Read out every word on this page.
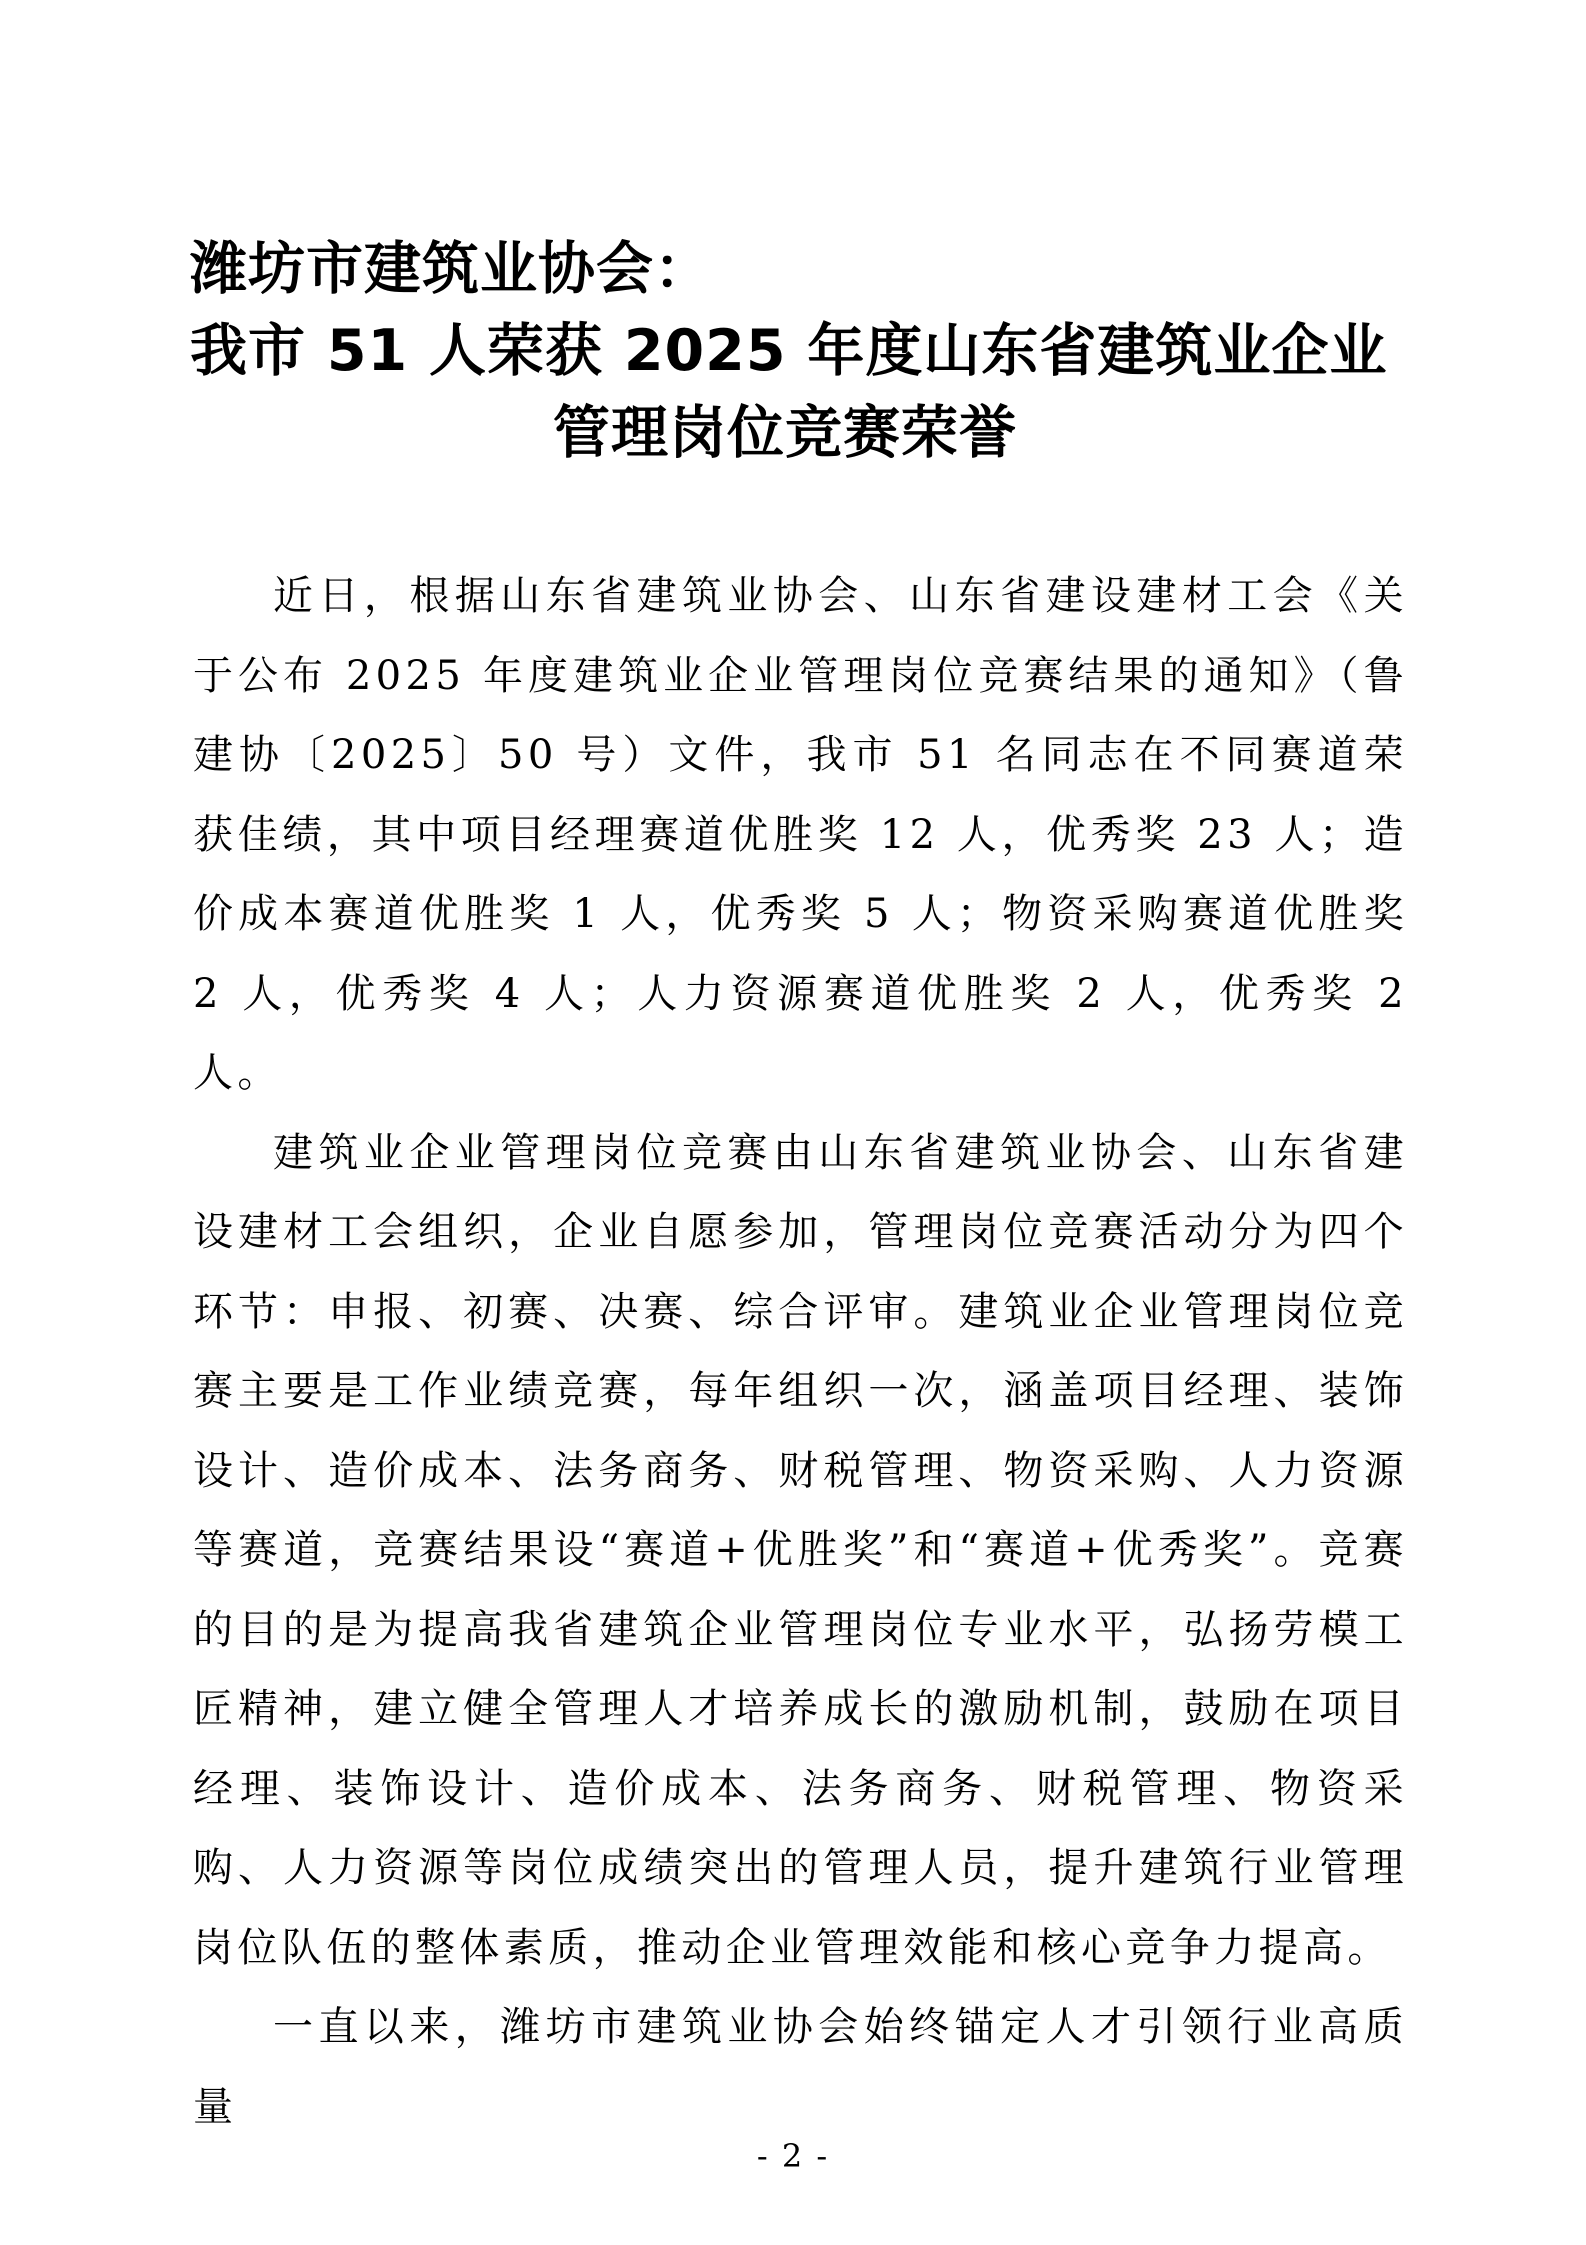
潍坊市建筑业协会：
我市 51 人荣获 2025 年度山东省建筑业企业
管理岗位竞赛荣誉

近日，根据山东省建筑业协会、山东省建设建材工会《关于公布 2025 年度建筑业企业管理岗位竞赛结果的通知》（鲁建协〔2025〕50 号）文件，我市 51 名同志在不同赛道荣获佳绩，其中项目经理赛道优胜奖 12 人，优秀奖 23 人；造价成本赛道优胜奖 1 人，优秀奖 5 人；物资采购赛道优胜奖 2 人，优秀奖 4 人；人力资源赛道优胜奖 2 人，优秀奖 2 人。

建筑业企业管理岗位竞赛由山东省建筑业协会、山东省建设建材工会组织，企业自愿参加，管理岗位竞赛活动分为四个环节：申报、初赛、决赛、综合评审。建筑业企业管理岗位竞赛主要是工作业绩竞赛，每年组织一次，涵盖项目经理、装饰设计、造价成本、法务商务、财税管理、物资采购、人力资源等赛道，竞赛结果设“赛道+优胜奖”和“赛道+优秀奖”。竞赛的目的是为提高我省建筑企业管理岗位专业水平，弘扬劳模工匠精神，建立健全管理人才培养成长的激励机制，鼓励在项目经理、装饰设计、造价成本、法务商务、财税管理、物资采购、人力资源等岗位成绩突出的管理人员，提升建筑行业管理岗位队伍的整体素质，推动企业管理效能和核心竞争力提高。

一直以来，潍坊市建筑业协会始终锚定人才引领行业高质量

- 2 -
